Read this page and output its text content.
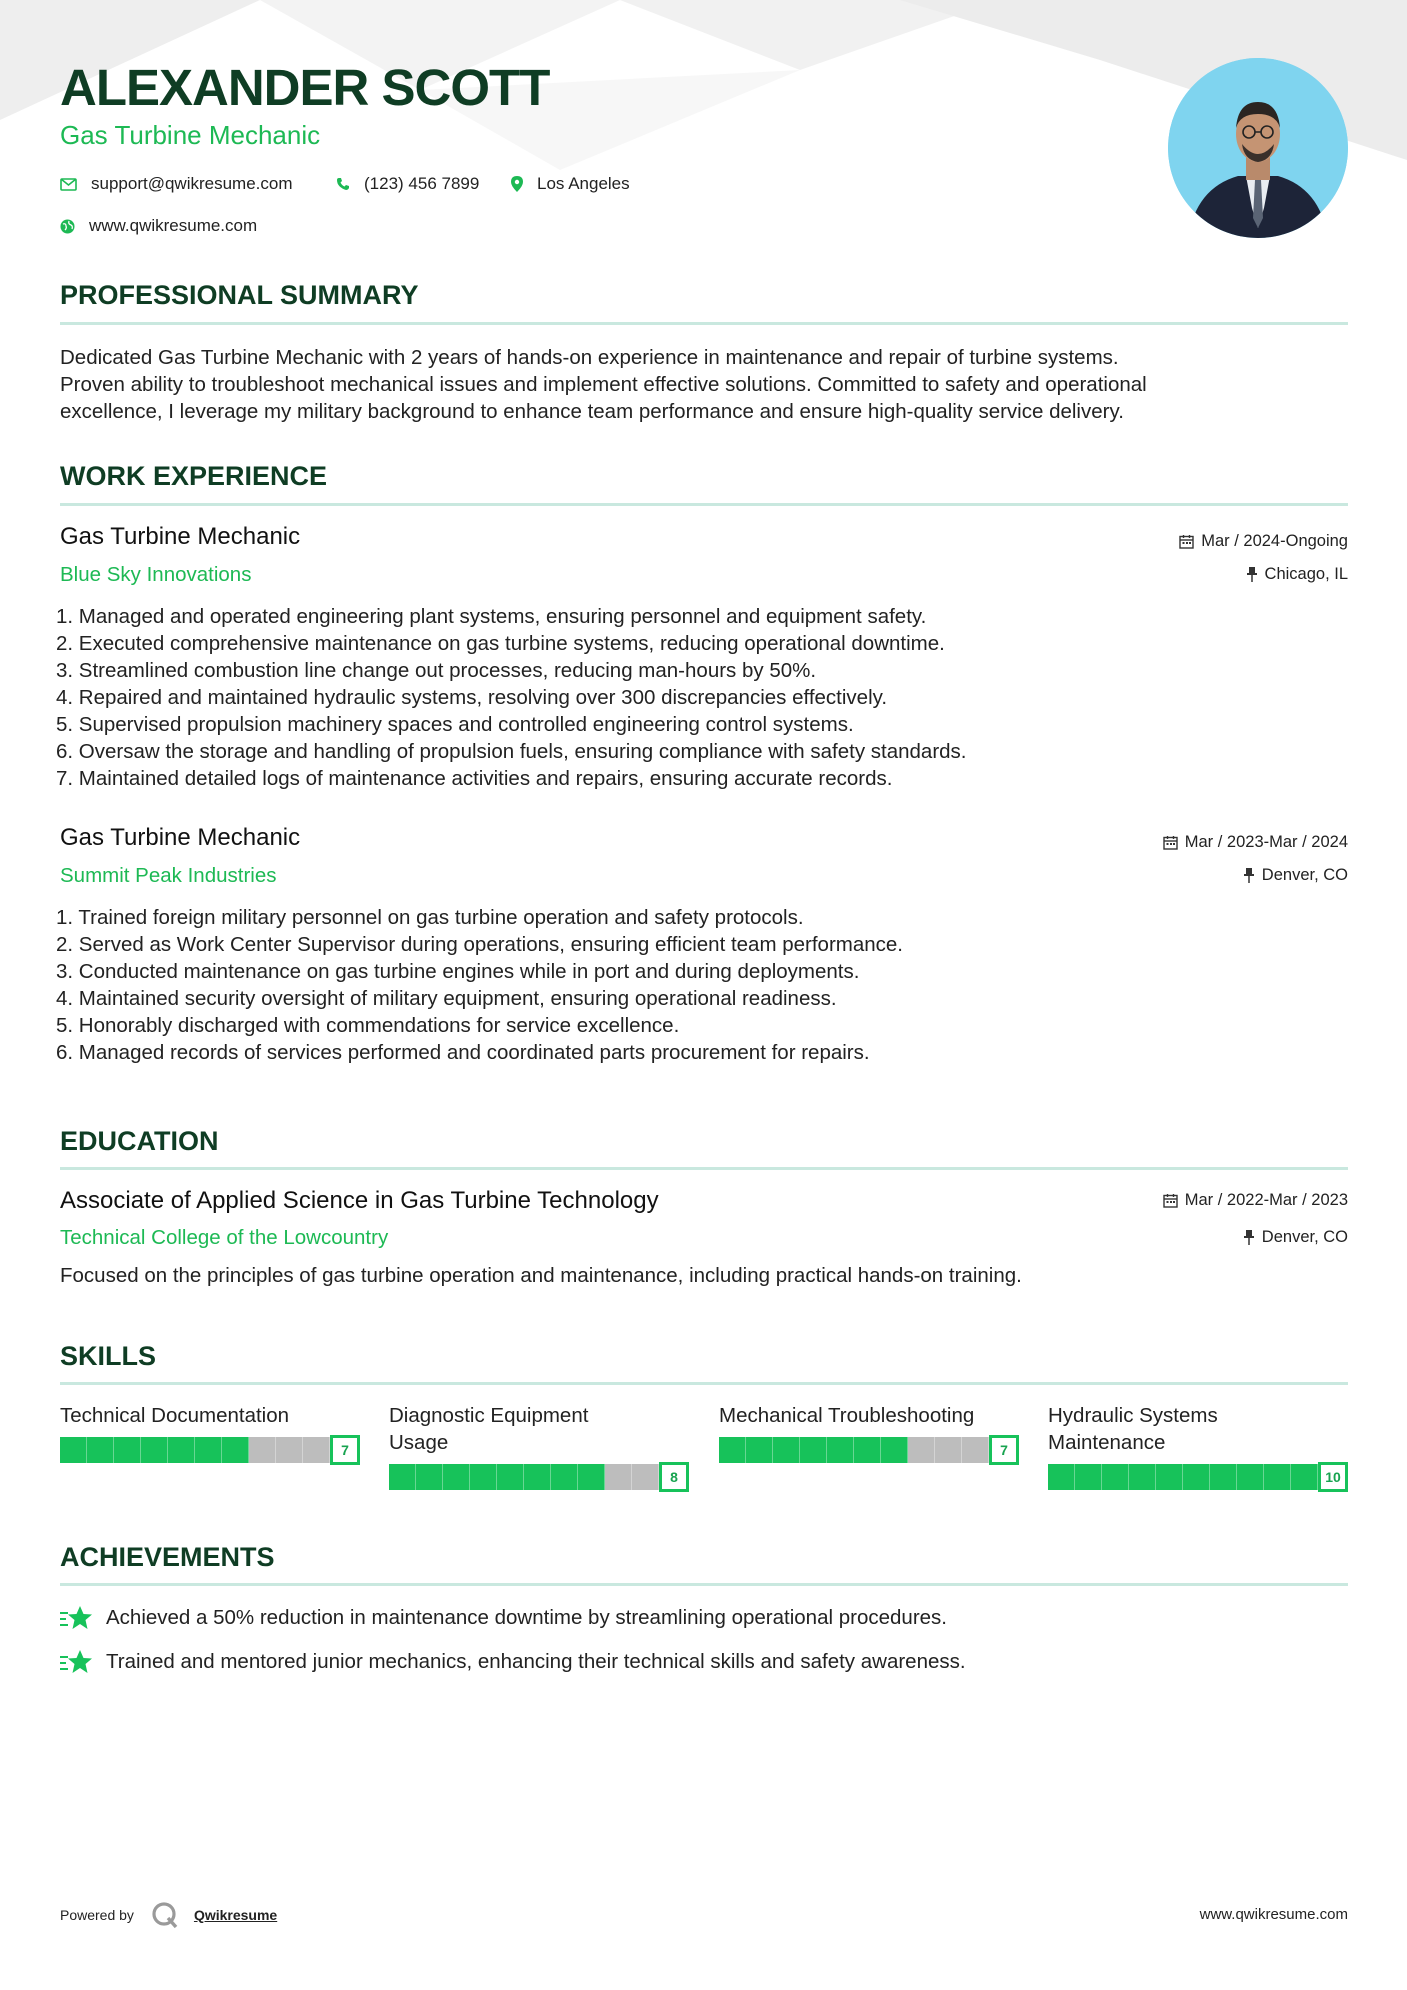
ALEXANDER SCOTT
Gas Turbine Mechanic
support@qwikresume.com	(123) 456 7899	Los Angeles
www.qwikresume.com
PROFESSIONAL SUMMARY
Dedicated Gas Turbine Mechanic with 2 years of hands-on experience in maintenance and repair of turbine systems.
Proven ability to troubleshoot mechanical issues and implement effective solutions. Committed to safety and operational
excellence, I leverage my military background to enhance team performance and ensure high-quality service delivery.
WORK EXPERIENCE
Gas Turbine Mechanic	Mar / 2024-Ongoing
Blue Sky Innovations	Chicago, IL
1. Managed and operated engineering plant systems, ensuring personnel and equipment safety.
2. Executed comprehensive maintenance on gas turbine systems, reducing operational downtime.
3. Streamlined combustion line change out processes, reducing man-hours by 50%.
4. Repaired and maintained hydraulic systems, resolving over 300 discrepancies effectively.
5. Supervised propulsion machinery spaces and controlled engineering control systems.
6. Oversaw the storage and handling of propulsion fuels, ensuring compliance with safety standards.
7. Maintained detailed logs of maintenance activities and repairs, ensuring accurate records.
Gas Turbine Mechanic	Mar / 2023-Mar / 2024
Summit Peak Industries	Denver, CO
1. Trained foreign military personnel on gas turbine operation and safety protocols.
2. Served as Work Center Supervisor during operations, ensuring efficient team performance.
3. Conducted maintenance on gas turbine engines while in port and during deployments.
4. Maintained security oversight of military equipment, ensuring operational readiness.
5. Honorably discharged with commendations for service excellence.
6. Managed records of services performed and coordinated parts procurement for repairs.
EDUCATION
Associate of Applied Science in Gas Turbine Technology	Mar / 2022-Mar / 2023
Technical College of the Lowcountry	Denver, CO
Focused on the principles of gas turbine operation and maintenance, including practical hands-on training.
SKILLS
Technical Documentation
7
Diagnostic Equipment
Usage
8
Mechanical Troubleshooting
7
Hydraulic Systems
Maintenance
10
ACHIEVEMENTS
Achieved a 50% reduction in maintenance downtime by streamlining operational procedures.
Trained and mentored junior mechanics, enhancing their technical skills and safety awareness.
Powered by	Qwikresume	www.qwikresume.com
